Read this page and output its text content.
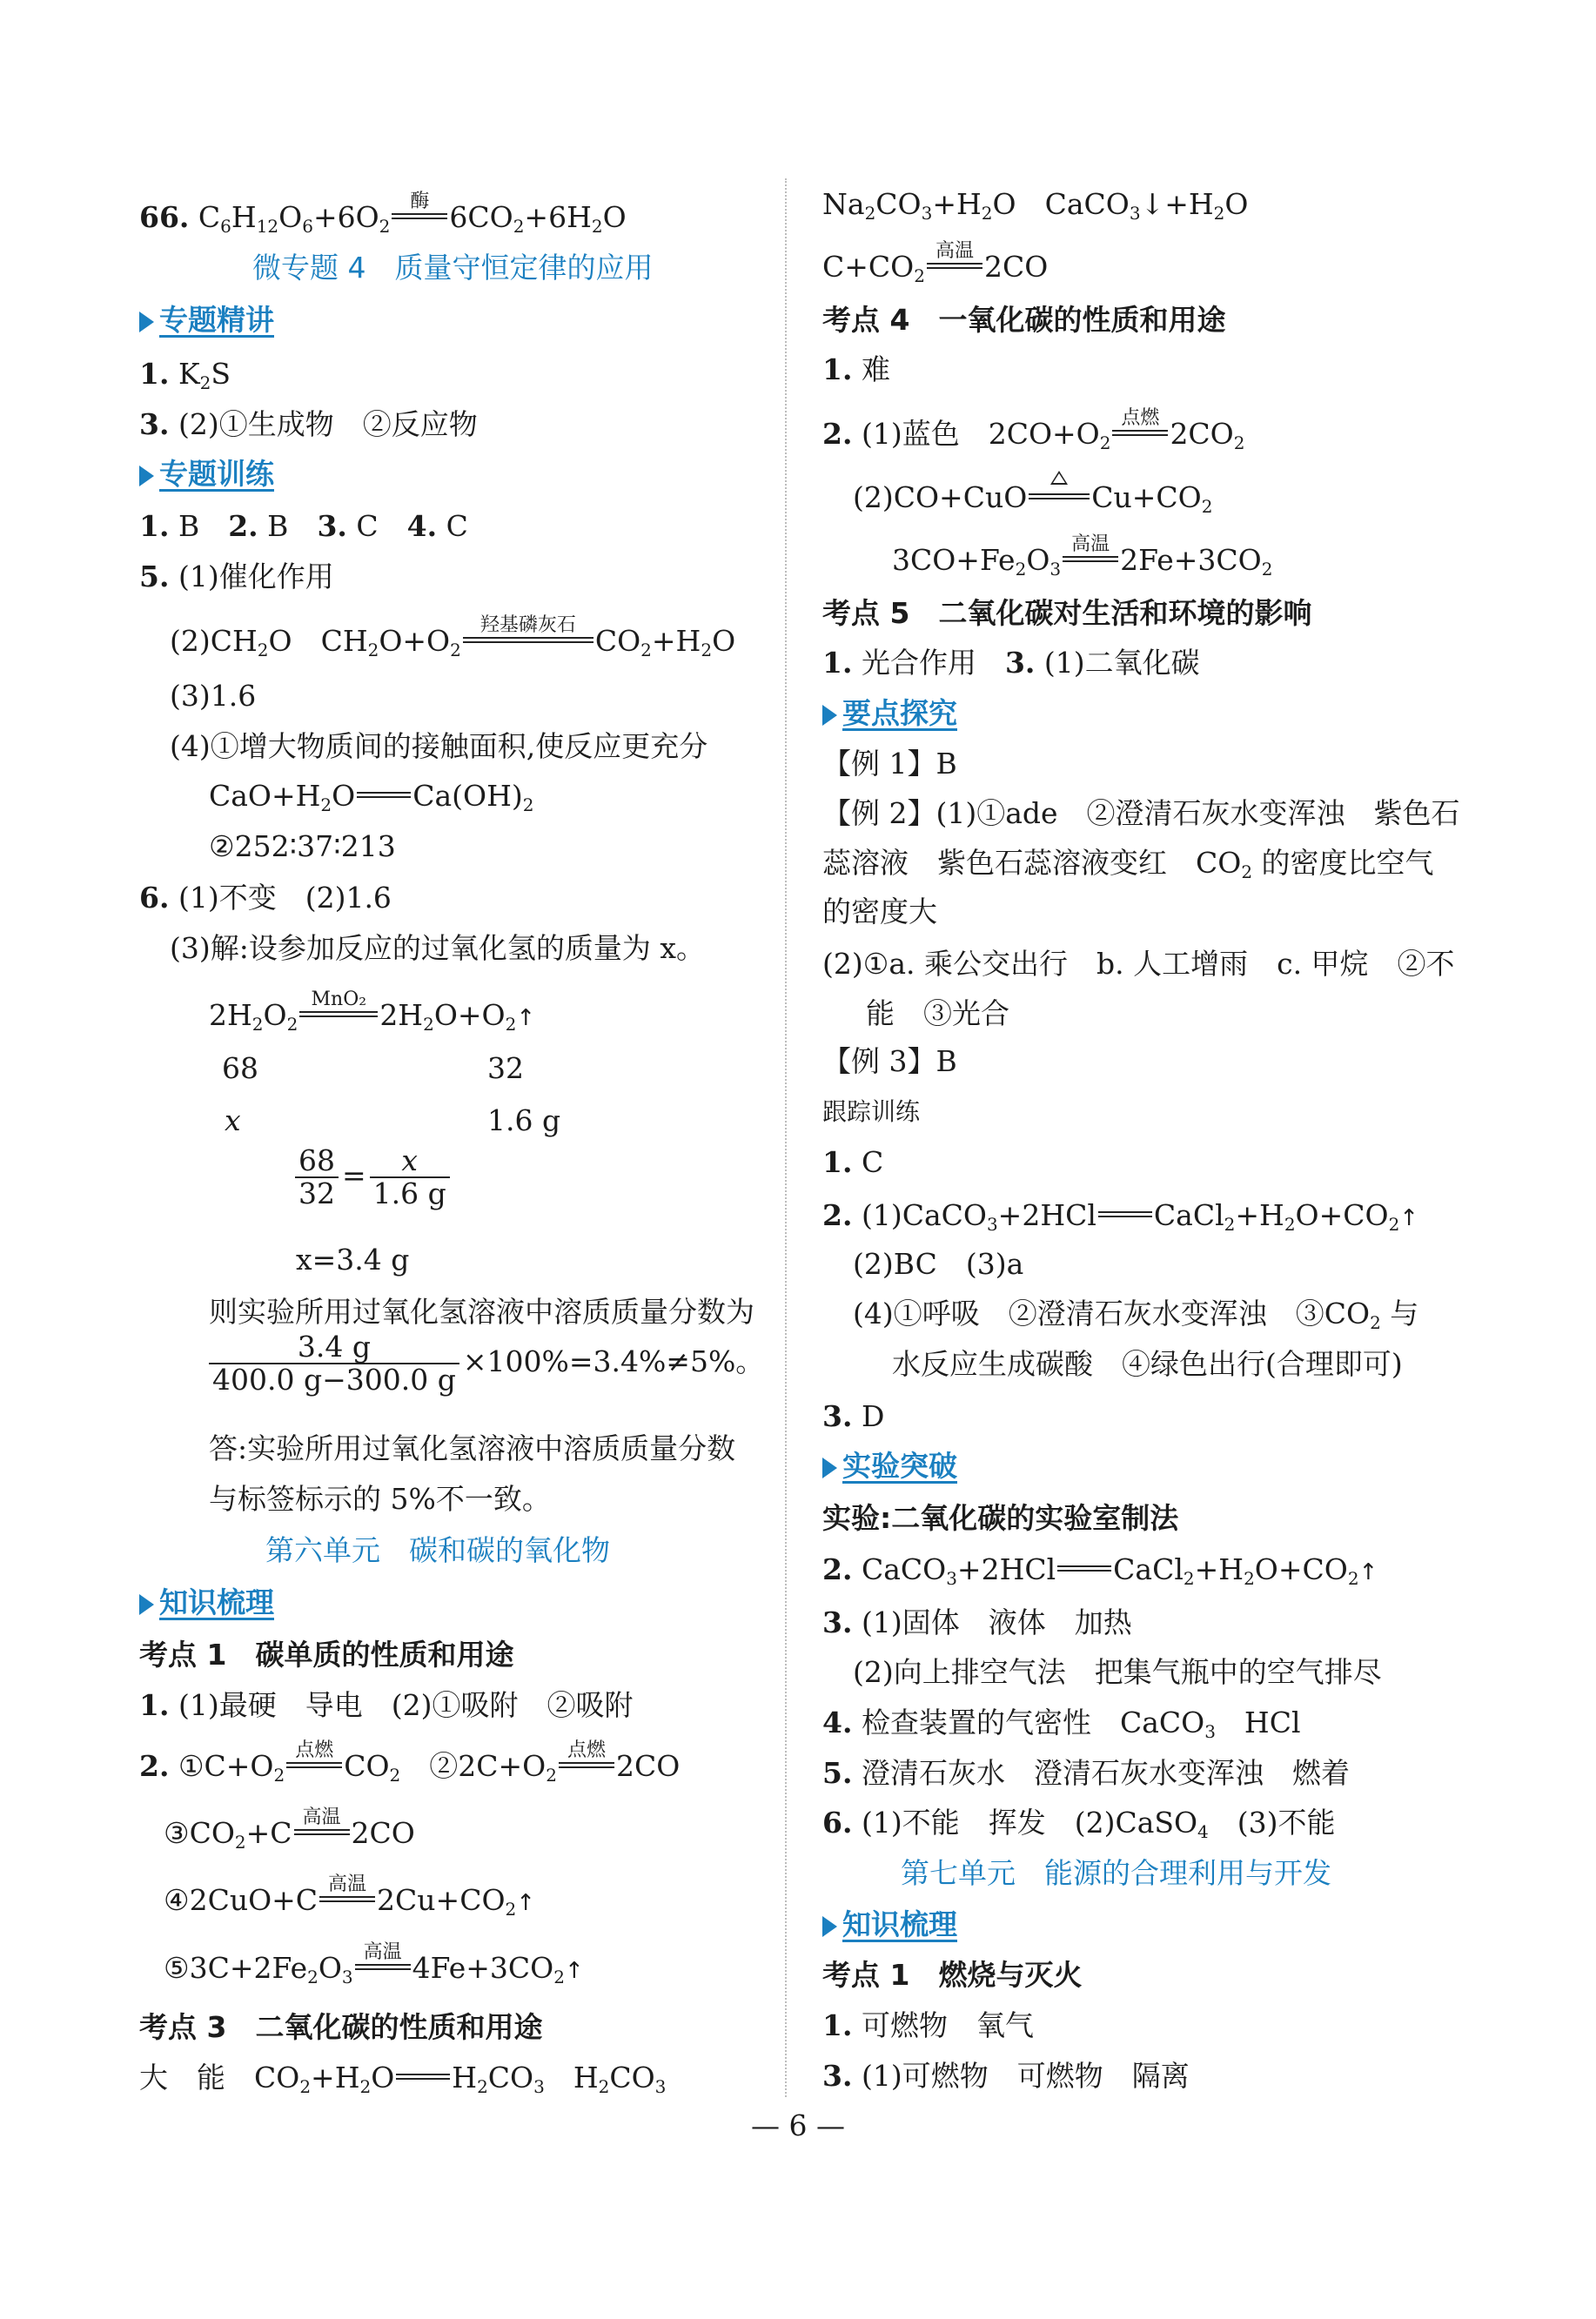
66. $C_6H_{12}O_6+6O_2$
酶 $6CO_2+6H_2O$
微专题 4　质量守恒定律的应用
专题精讲
1. $K_2S$
3. (2)①生成物　②反应物
专题训练
1. B　 2. B　 3. C　 4. C
5. (1)催化作用
$(2)CH_2O$　$CH_2O+O_2$
羟基磷灰石 $CO_2+H_2O$
(3)1.6
(4)①增大物质间的接触面积,使反应更充分
$CaO+H_2O$ $Ca(OH)_2$
②252∶37∶213
6. (1)不变　(2)1.6
(3)解:设参加反应的过氧化氢的质量为 x。
$2H_2O_2$
MnO₂ $2H_2O+O_2↑$
68	32
x	1.6 g
$\frac{68}{32} = \frac{x}{1.6 g}$
x=3.4 g
则实验所用过氧化氢溶液中溶质质量分数为
$\frac{3.4 g}{400.0 g-300.0 g} \times 100\%=3.4\%\ne 5\%$。
答:实验所用过氧化氢溶液中溶质质量分数
与标签标示的 5%不一致。
第六单元　碳和碳的氧化物
知识梳理
考点 1　碳单质的性质和用途
1. (1)最硬　导电　(2)①吸附　②吸附
2. $①C+O_2$
点燃 $CO_2$　$②2C+O_2$
点燃 2CO
$③CO_2+C$ 高温 2CO
④2CuO+C 高温 $2Cu+CO_2↑$
$⑤3C+2Fe_2O_3$
高温 $4Fe+3CO_2↑$
考点 3　二氧化碳的性质和用途
大　能　$CO_2+H_2O$ $H_2CO_3$　$H_2CO_3$
$Na_2CO_3+H_2O$　$CaCO_3↓+H_2O$
$C+CO_2$
高温 2CO
考点 4　一氧化碳的性质和用途
1. 难
2. (1)蓝色　$2CO+O_2$
点燃 $2CO_2$
(2)CO+CuO $Cu+CO_2$
$3CO+Fe_2O_3$
高温 $2Fe+3CO_2$
考点 5　二氧化碳对生活和环境的影响
1. 光合作用　3. (1)二氧化碳
要点探究
【例 1】B
【例 2】(1)①ade　②澄清石灰水变浑浊　紫色石
蕊溶液　紫色石蕊溶液变红　$CO_2$ 的密度比空气
的密度大
(2)①a. 乘公交出行　b. 人工增雨　c. 甲烷　②不
能　③光合
【例 3】B
跟踪训练
1. C
2. (1)CaCO$_3$+2HCl $CaCl_2+H_2O+CO_2↑$
(2)BC　(3)a
(4)①呼吸　②澄清石灰水变浑浊　$③CO_2$ 与
水反应生成碳酸　④绿色出行(合理即可)
3. D
实验突破
实验:二氧化碳的实验室制法
2. CaCO$_3$+2HCl $CaCl_2+H_2O+CO_2↑$
3. (1)固体　液体　加热
(2)向上排空气法　把集气瓶中的空气排尽
4. 检查装置的气密性　CaCO$_3$　HCl
5. 澄清石灰水　澄清石灰水变浑浊　燃着
6. (1)不能　挥发　(2)CaSO$_4$　(3)不能
第七单元　能源的合理利用与开发
知识梳理
考点 1　燃烧与灭火
1. 可燃物　氧气
3. (1)可燃物　可燃物　隔离
— 6 —
